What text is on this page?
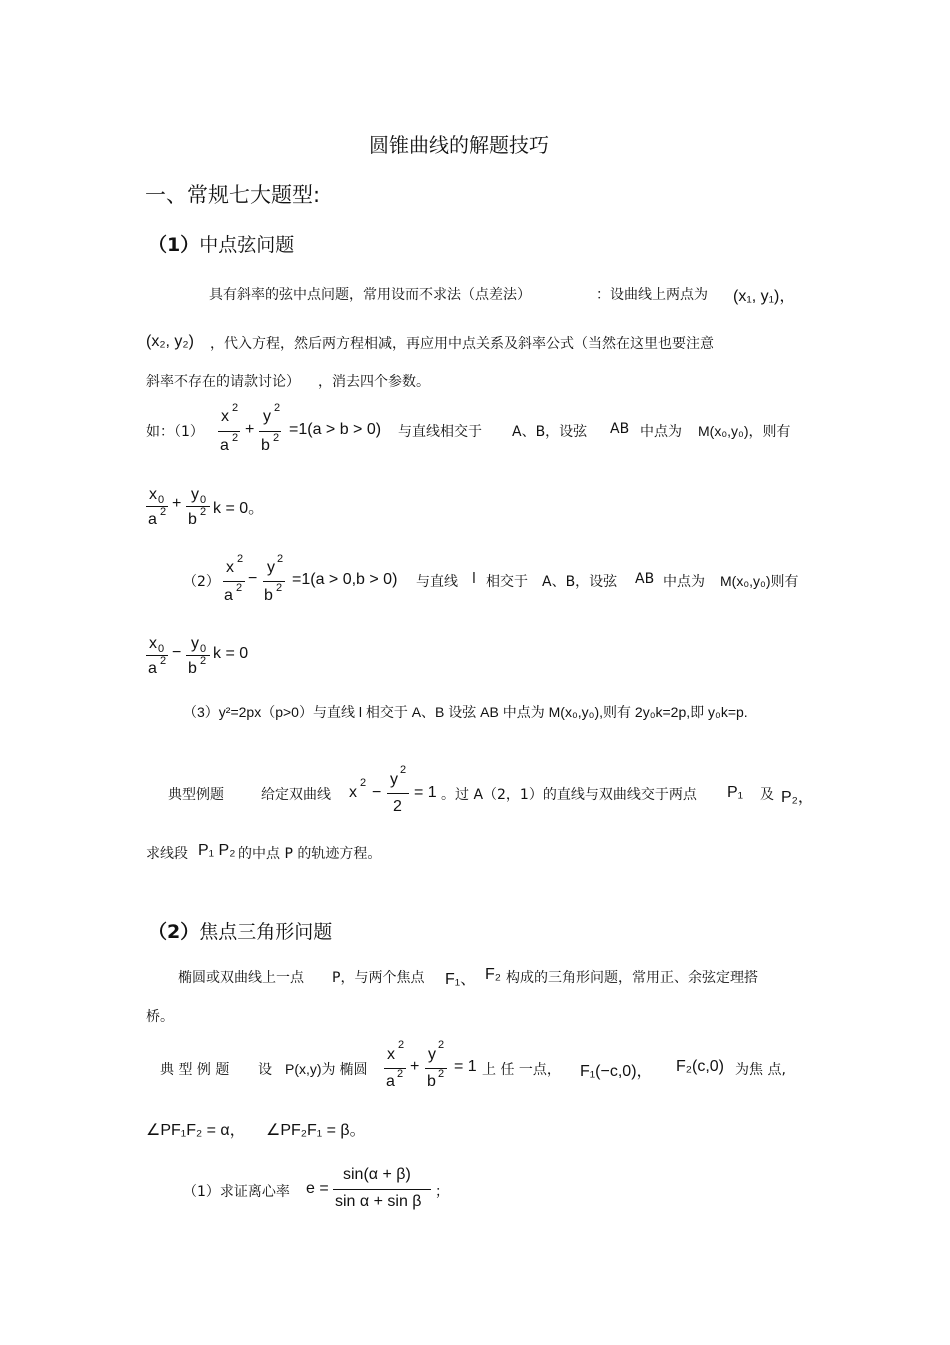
圆锥曲线的解题技巧
一、常规七大题型:
（1）中点弦问题
具有斜率的弦中点问题，常用设而不求法（点差法）	：设曲线上两点为 (x₁, y₁)，
(x₂, y₂) ，代入方程，然后两方程相减，再应用中点关系及斜率公式（当然在这里也要注意
斜率不存在的请款讨论） ，消去四个参数。
如：（1）
x 2
a 2 +
y 2
b 2 =1(a > b > 0) 与直线相交于 A、B，设弦 AB 中点为 M(x₀,y₀)，则有
x 0
a 2 +
y 0
b 2 k = 0。
（2）
x 2
a 2
−
y 2
b 2 =1(a > 0,b > 0) 与直线 l 相交于 A、B，设弦 AB 中点为 M(x₀,y₀)则有
x 0
a 2 −
y 0
b 2 k = 0
（3）y²=2px（p>0）与直线 l 相交于 A、B 设弦 AB 中点为 M(x₀,y₀),则有 2y₀k=2p,即 y₀k=p.
典型例题	给定双曲线 x
2
−
y
2
2
= 1 。过 A（2，1）的直线与双曲线交于两点 P₁ 及 P₂，
求线段 P₁ P₂ 的中点 P 的轨迹方程。
（2）焦点三角形问题
椭圆或双曲线上一点 P，与两个焦点 F₁、 F₂ 构成的三角形问题，常用正、余弦定理搭
桥。
典 型 例 题 设 P(x,y)为 椭圆
x
2
a 2 +
y
2
b 2 = 1 上 任 一点， F₁(−c,0)， F₂(c,0) 为焦 点,
∠PF₁F₂ = α， ∠PF₂F₁ = β。
（1）求证离心率 e =
sin(α + β)
sin α + sin β
；
